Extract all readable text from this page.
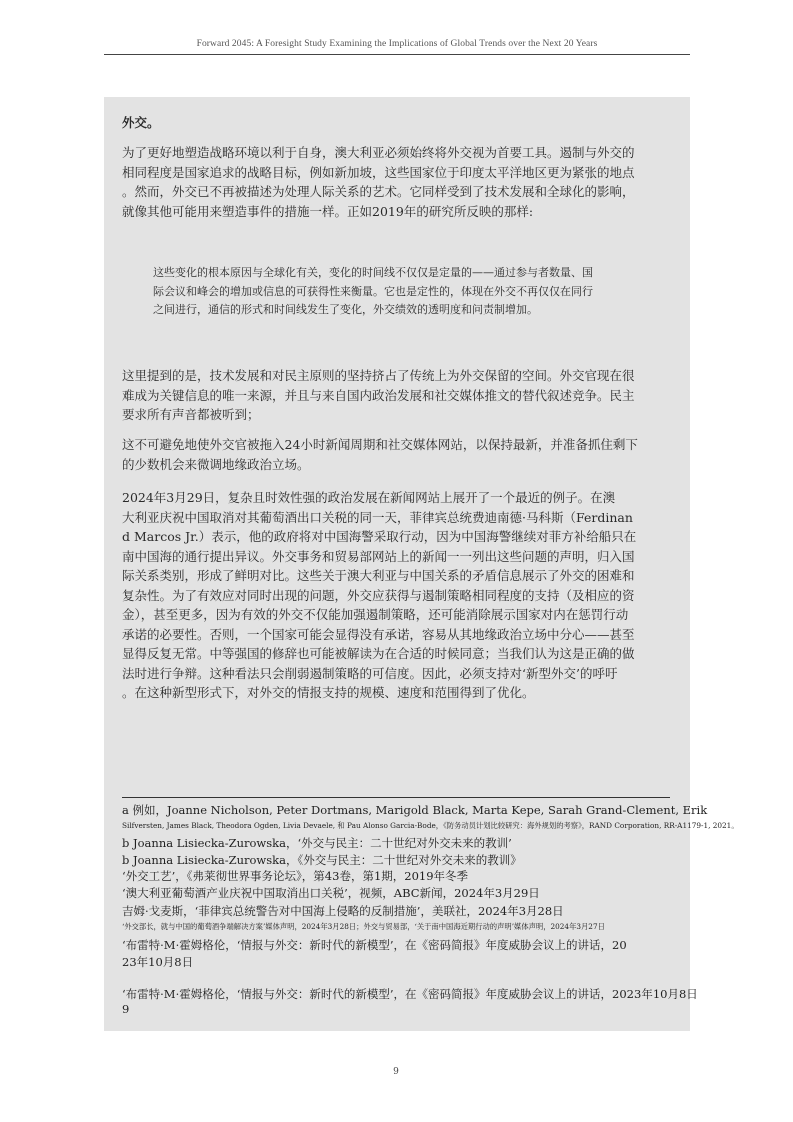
Forward 2045: A Foresight Study Examining the Implications of Global Trends over the Next 20 Years
外交。
为了更好地塑造战略环境以利于自身，澳大利亚必须始终将外交视为首要工具。遏制与外交的
相同程度是国家追求的战略目标，例如新加坡，这些国家位于印度太平洋地区更为紧张的地点
。然而，外交已不再被描述为处理人际关系的艺术。它同样受到了技术发展和全球化的影响，
就像其他可能用来塑造事件的措施一样。正如2019年的研究所反映的那样:
这些变化的根本原因与全球化有关，变化的时间线不仅仅是定量的——通过参与者数量、国
际会议和峰会的增加或信息的可获得性来衡量。它也是定性的，体现在外交不再仅仅在同行
之间进行，通信的形式和时间线发生了变化，外交绩效的透明度和问责制增加。
这里提到的是，技术发展和对民主原则的坚持挤占了传统上为外交保留的空间。外交官现在很
难成为关键信息的唯一来源，并且与来自国内政治发展和社交媒体推文的替代叙述竞争。民主
要求所有声音都被听到；
这不可避免地使外交官被拖入24小时新闻周期和社交媒体网站，以保持最新，并准备抓住剩下
的少数机会来微调地缘政治立场。
2024年3月29日，复杂且时效性强的政治发展在新闻网站上展开了一个最近的例子。在澳
大利亚庆祝中国取消对其葡萄酒出口关税的同一天，菲律宾总统费迪南德·马科斯（Ferdinan
d Marcos Jr.）表示，他的政府将对中国海警采取行动，因为中国海警继续对菲方补给船只在
南中国海的通行提出异议。外交事务和贸易部网站上的新闻一一列出这些问题的声明，归入国
际关系类别，形成了鲜明对比。这些关于澳大利亚与中国关系的矛盾信息展示了外交的困难和
复杂性。为了有效应对同时出现的问题，外交应获得与遏制策略相同程度的支持（及相应的资
金），甚至更多，因为有效的外交不仅能加强遏制策略，还可能消除展示国家对内在惩罚行动
承诺的必要性。否则，一个国家可能会显得没有承诺，容易从其地缘政治立场中分心——甚至
显得反复无常。中等强国的修辞也可能被解读为在合适的时候同意；当我们认为这是正确的做
法时进行争辩。这种看法只会削弱遏制策略的可信度。因此，必须支持对‘新型外交’的呼吁
。在这种新型形式下，对外交的情报支持的规模、速度和范围得到了优化。
a 例如，Joanne Nicholson, Peter Dortmans, Marigold Black, Marta Kepe, Sarah Grand-Clement, Erik
Silfversten, James Black, Theodora Ogden, Livia Devaele, 和 Pau Alonso Garcia-Bode，《防务动员计划比较研究：海外规划的考察》，RAND Corporation, RR-A1179-1, 2021。
b Joanna Lisiecka-Zurowska，‘外交与民主：二十世纪对外交未来的教训’
b Joanna Lisiecka-Zurowska，《外交与民主：二十世纪对外交未来的教训》
‘外交工艺’，《弗莱彻世界事务论坛》，第43卷，第1期，2019年冬季
‘澳大利亚葡萄酒产业庆祝中国取消出口关税’，视频，ABC新闻，2024年3月29日
吉姆·戈麦斯，‘菲律宾总统警告对中国海上侵略的反制措施’，美联社，2024年3月28日
‘外交部长，就与中国的葡萄酒争端解决方案’媒体声明，2024年3月28日；外交与贸易部，‘关于南中国海近期行动的声明’媒体声明，2024年3月27日
‘布雷特·M·霍姆格伦，‘情报与外交：新时代的新模型’，在《密码简报》年度威胁会议上的讲话，20
23年10月8日
‘布雷特·M·霍姆格伦，‘情报与外交：新时代的新模型’，在《密码简报》年度威胁会议上的讲话，2023年10月8日
9
9
